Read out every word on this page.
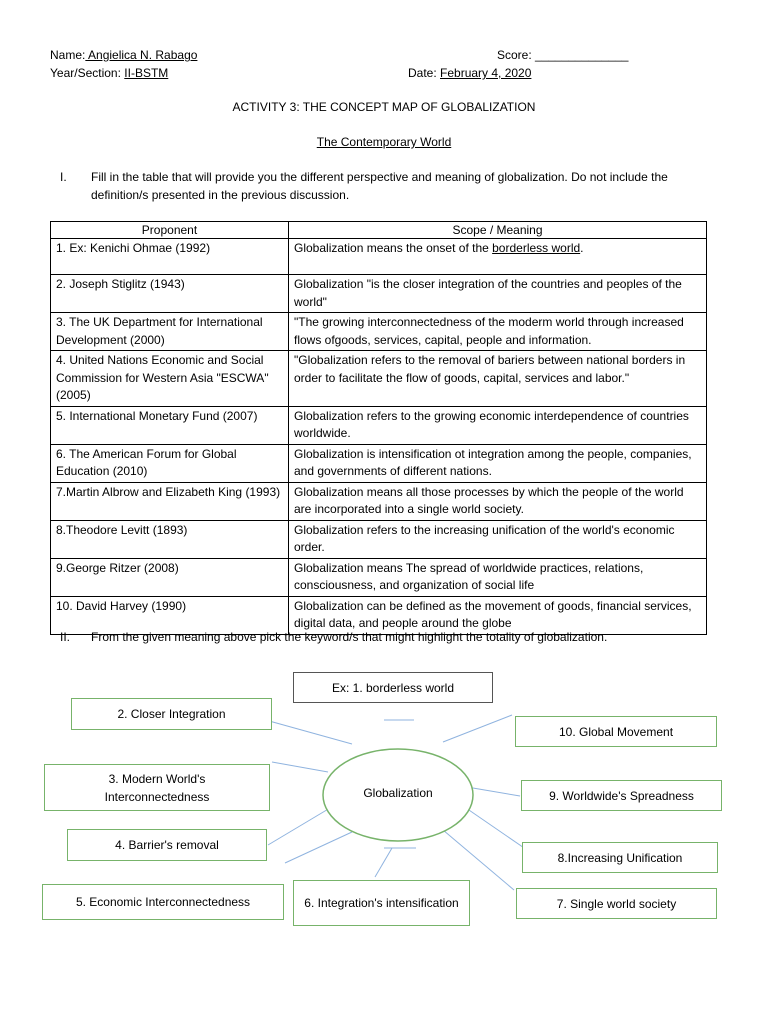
Name: Angielica N. Rabago	Score: ______________
Year/Section: II-BSTM	Date: February 4, 2020
ACTIVITY 3: THE CONCEPT MAP OF GLOBALIZATION
The Contemporary World
I. Fill in the table that will provide you the different perspective and meaning of globalization. Do not include the
definition/s presented in the previous discussion.
Proponent	Scope / Meaning
1. Ex: Kenichi Ohmae (1992)	Globalization means the onset of the borderless world.
2. Joseph Stiglitz (1943)	Globalization "is the closer integration of the countries and peoples of the world"
3. The UK Department for International Development (2000)	"The growing interconnectedness of the moderm world through increased flows ofgoods, services, capital, people and information.
4. United Nations Economic and Social Commission for Western Asia "ESCWA" (2005)	"Globalization refers to the removal of bariers between national borders in order to facilitate the flow of goods, capital, services and labor."
5. International Monetary Fund (2007)	Globalization refers to the growing economic interdependence of countries worldwide.
6. The American Forum for Global Education (2010)	Globalization is intensification ot integration among the people, companies, and governments of different nations.
7.Martin Albrow and Elizabeth King (1993)	Globalization means all those processes by which the people of the world are incorporated into a single world society.
8.Theodore Levitt (1893)	Globalization refers to the increasing unification of the world's economic order.
9.George Ritzer (2008)	Globalization means The spread of worldwide practices, relations, consciousness, and organization of social life
10. David Harvey (1990)	Globalization can be defined as the movement of goods, financial services, digital data, and people around the globe
II. From the given meaning above pick the keyword/s that might highlight the totality of globalization.
Globalization
Ex: 1. borderless world
2. Closer Integration
3. Modern World's
Interconnectedness
4. Barrier's removal
5. Economic Interconnectedness	6. Integration's intensification	7. Single world society
8.Increasing Unification
9. Worldwide's Spreadness
10. Global Movement
